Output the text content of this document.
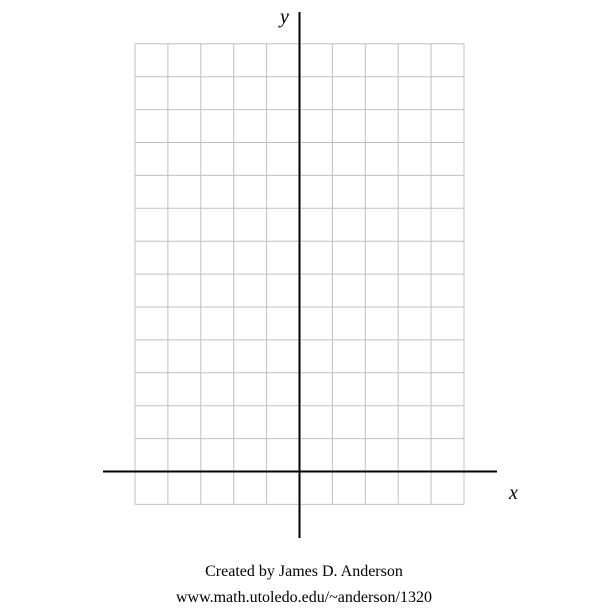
x
y
Created by James D. Anderson
www.math.utoledo.edu/~anderson/1320
